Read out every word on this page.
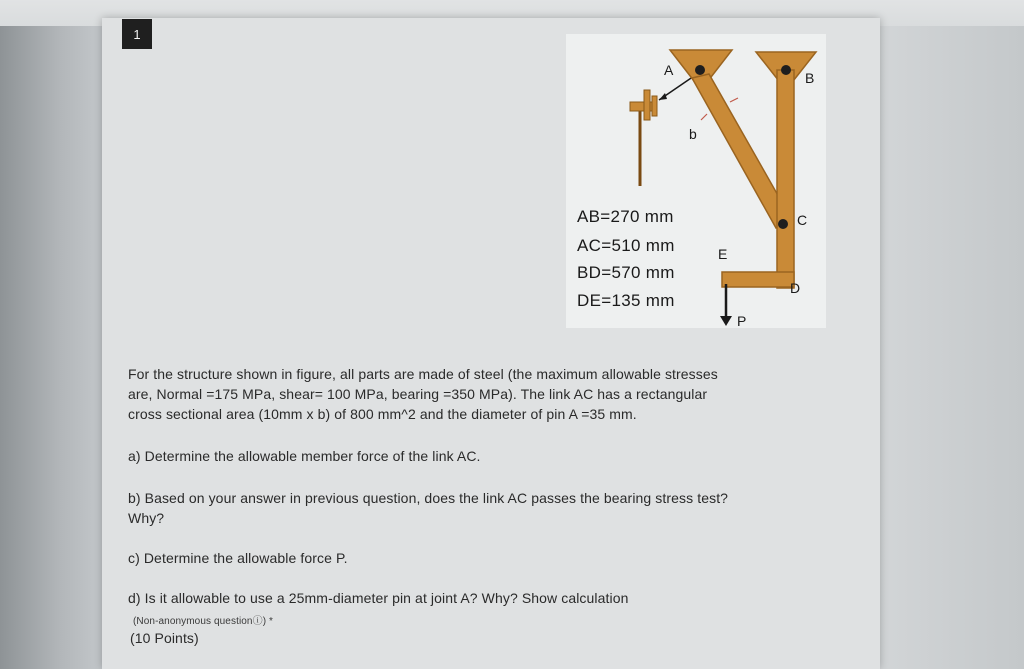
1
A	B
b
C
E
D
P
AB=270 mm
AC=510 mm
BD=570 mm
DE=135 mm
For the structure shown in figure, all parts are made of steel (the maximum allowable stresses
are, Normal =175 MPa, shear= 100 MPa, bearing =350 MPa). The link AC has a rectangular
cross sectional area (10mm x b) of 800 mm^2 and the diameter of pin A =35 mm.
a) Determine the allowable member force of the link AC.
b) Based on your answer in previous question, does the link AC passes the bearing stress test?
Why?
c) Determine the allowable force P.
d) Is it allowable to use a 25mm-diameter pin at joint A? Why? Show calculation
(Non-anonymous questionⓘ) *
(10 Points)
